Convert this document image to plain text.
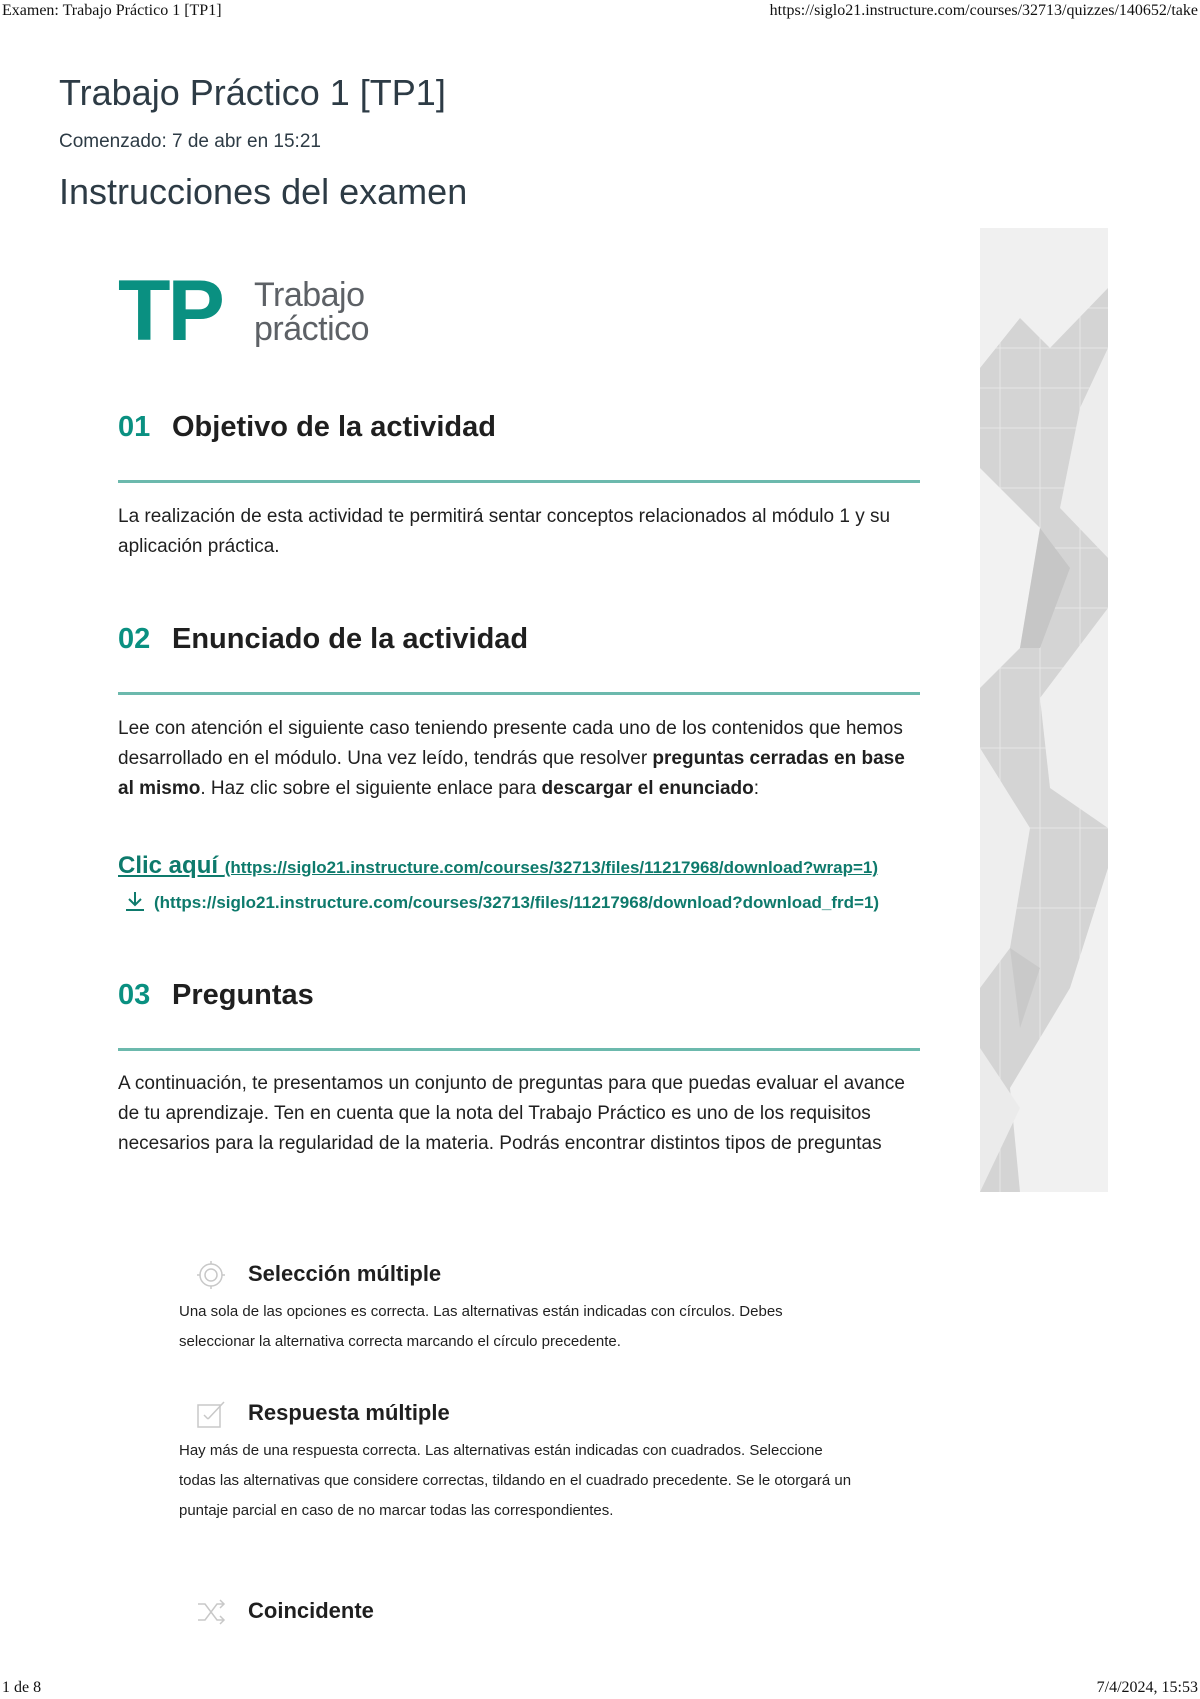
Examen: Trabajo Práctico 1 [TP1]	https://siglo21.instructure.com/courses/32713/quizzes/140652/take
Trabajo Práctico 1 [TP1]
Comenzado: 7 de abr en 15:21
Instrucciones del examen
TP Trabajo
práctico
01 Objetivo de la actividad
La realización de esta actividad te permitirá sentar conceptos relacionados al módulo 1 y su aplicación práctica.
02 Enunciado de la actividad
Lee con atención el siguiente caso teniendo presente cada uno de los contenidos que hemos desarrollado en el módulo. Una vez leído, tendrás que resolver preguntas cerradas en base al mismo. Haz clic sobre el siguiente enlace para descargar el enunciado:
Clic aquí (https://siglo21.instructure.com/courses/32713/files/11217968/download?wrap=1)
(https://siglo21.instructure.com/courses/32713/files/11217968/download?download_frd=1)
03 Preguntas
A continuación, te presentamos un conjunto de preguntas para que puedas evaluar el avance de tu aprendizaje. Ten en cuenta que la nota del Trabajo Práctico es uno de los requisitos necesarios para la regularidad de la materia. Podrás encontrar distintos tipos de preguntas
Selección múltiple
Una sola de las opciones es correcta. Las alternativas están indicadas con círculos. Debes seleccionar la alternativa correcta marcando el círculo precedente.
Respuesta múltiple
Hay más de una respuesta correcta. Las alternativas están indicadas con cuadrados. Seleccione todas las alternativas que considere correctas, tildando en el cuadrado precedente. Se le otorgará un puntaje parcial en caso de no marcar todas las correspondientes.
Coincidente
1 de 8	7/4/2024, 15:53
